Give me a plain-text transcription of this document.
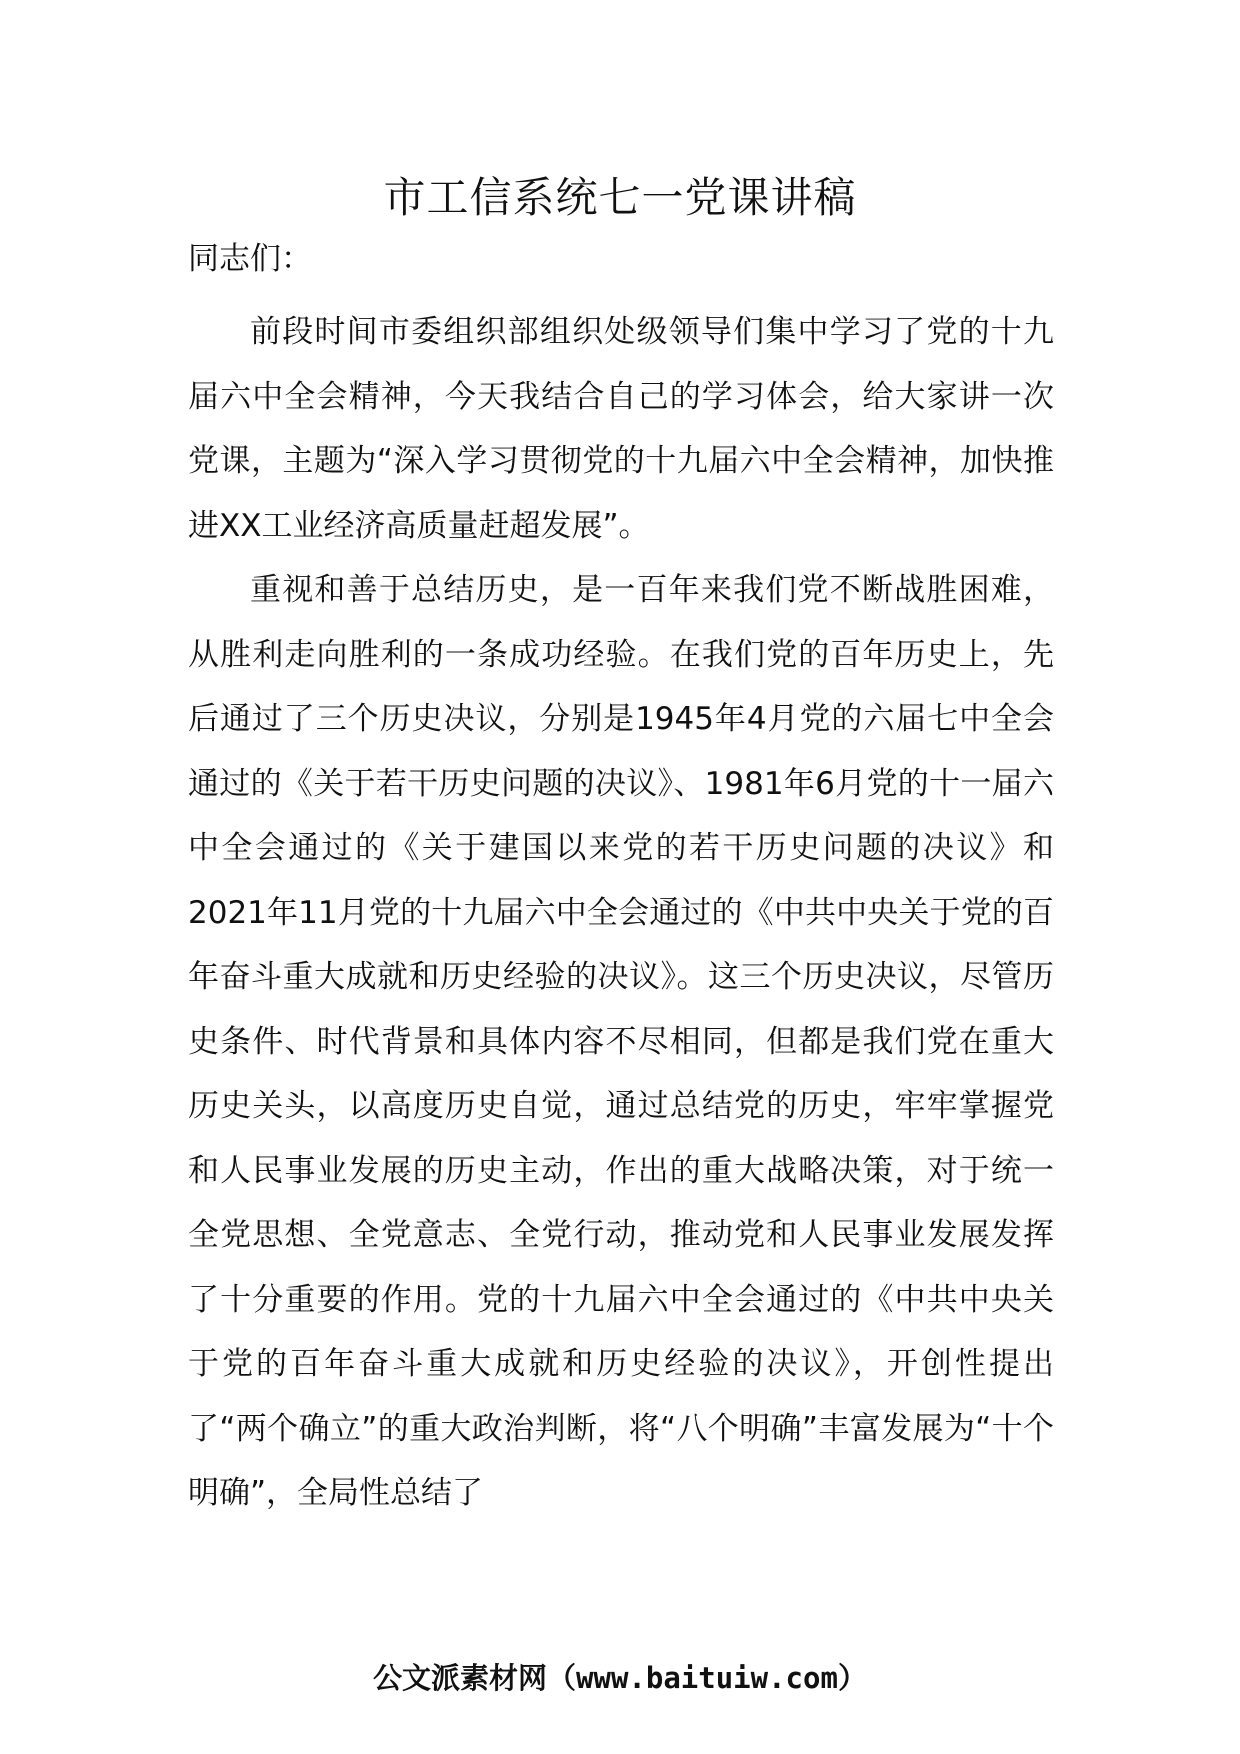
市工信系统七一党课讲稿

同志们：

前段时间市委组织部组织处级领导们集中学习了党的十九届六中全会精神，今天我结合自己的学习体会，给大家讲一次党课，主题为“深入学习贯彻党的十九届六中全会精神，加快推进XX工业经济高质量赶超发展”。

重视和善于总结历史，是一百年来我们党不断战胜困难，从胜利走向胜利的一条成功经验。在我们党的百年历史上，先后通过了三个历史决议，分别是1945年4月党的六届七中全会通过的《关于若干历史问题的决议》、1981年6月党的十一届六中全会通过的《关于建国以来党的若干历史问题的决议》和2021年11月党的十九届六中全会通过的《中共中央关于党的百年奋斗重大成就和历史经验的决议》。这三个历史决议，尽管历史条件、时代背景和具体内容不尽相同，但都是我们党在重大历史关头，以高度历史自觉，通过总结党的历史，牢牢掌握党和人民事业发展的历史主动，作出的重大战略决策，对于统一全党思想、全党意志、全党行动，推动党和人民事业发展发挥了十分重要的作用。党的十九届六中全会通过的《中共中央关于党的百年奋斗重大成就和历史经验的决议》，开创性提出了“两个确立”的重大政治判断，将“八个明确”丰富发展为“十个明确”，全局性总结了

公文派素材网（www.baituiw.com）
